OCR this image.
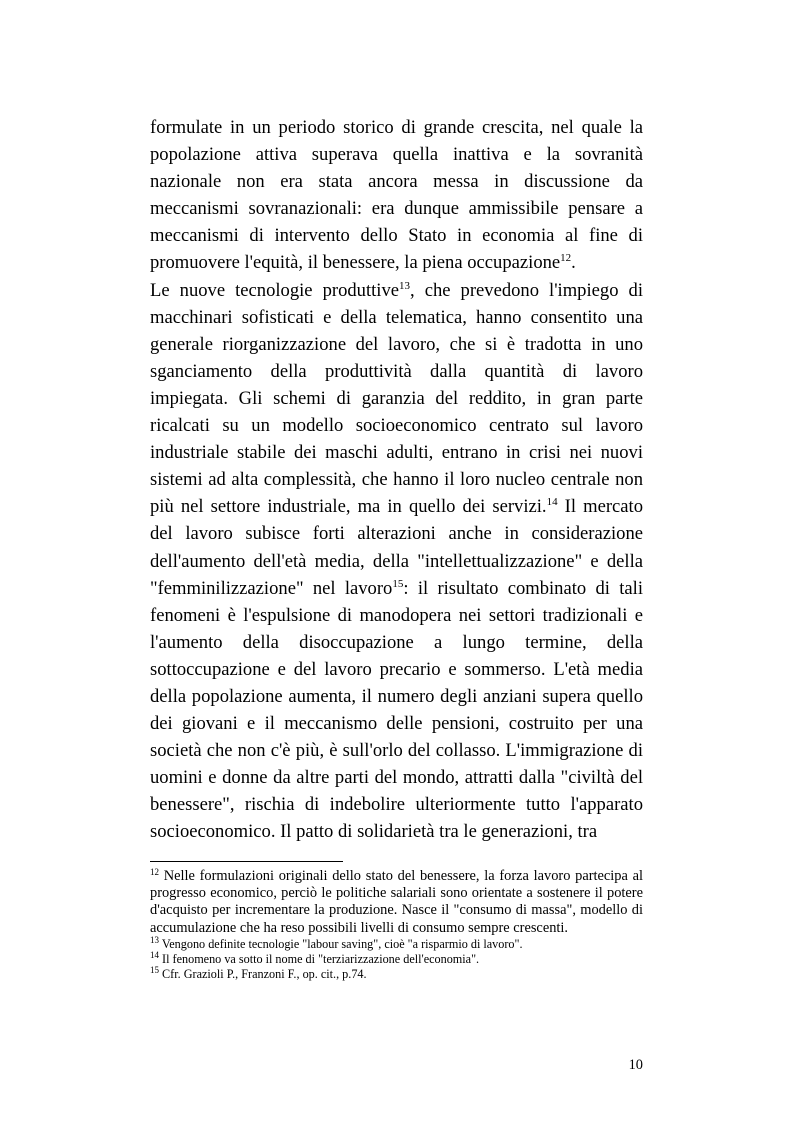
formulate in un periodo storico di grande crescita, nel quale la popolazione attiva superava quella inattiva e la sovranità nazionale non era stata ancora messa in discussione da meccanismi sovranazionali: era dunque ammissibile pensare a meccanismi di intervento dello Stato in economia al fine di promuovere l'equità, il benessere, la piena occupazione$^{12}$.

Le nuove tecnologie produttive$^{13}$, che prevedono l'impiego di macchinari sofisticati e della telematica, hanno consentito una generale riorganizzazione del lavoro, che si è tradotta in uno sganciamento della produttività dalla quantità di lavoro impiegata. Gli schemi di garanzia del reddito, in gran parte ricalcati su un modello socioeconomico centrato sul lavoro industriale stabile dei maschi adulti, entrano in crisi nei nuovi sistemi ad alta complessità, che hanno il loro nucleo centrale non più nel settore industriale, ma in quello dei servizi.$^{14}$ Il mercato del lavoro subisce forti alterazioni anche in considerazione dell'aumento dell'età media, della "intellettualizzazione" e della "femminilizzazione" nel lavoro$^{15}$: il risultato combinato di tali fenomeni è l'espulsione di manodopera nei settori tradizionali e l'aumento della disoccupazione a lungo termine, della sottoccupazione e del lavoro precario e sommerso. L'età media della popolazione aumenta, il numero degli anziani supera quello dei giovani e il meccanismo delle pensioni, costruito per una società che non c'è più, è sull'orlo del collasso. L'immigrazione di uomini e donne da altre parti del mondo, attratti dalla "civiltà del benessere", rischia di indebolire ulteriormente tutto l'apparato socioeconomico. Il patto di solidarietà tra le generazioni, tra

$^{12}$ Nelle formulazioni originali dello stato del benessere, la forza lavoro partecipa al progresso economico, perciò le politiche salariali sono orientate a sostenere il potere d'acquisto per incrementare la produzione. Nasce il "consumo di massa", modello di accumulazione che ha reso possibili livelli di consumo sempre crescenti.

$^{13}$ Vengono definite tecnologie "labour saving", cioè "a risparmio di lavoro".

$^{14}$ Il fenomeno va sotto il nome di "terziarizzazione dell'economia".

$^{15}$ Cfr. Grazioli P., Franzoni F., op. cit., p.74.

10
